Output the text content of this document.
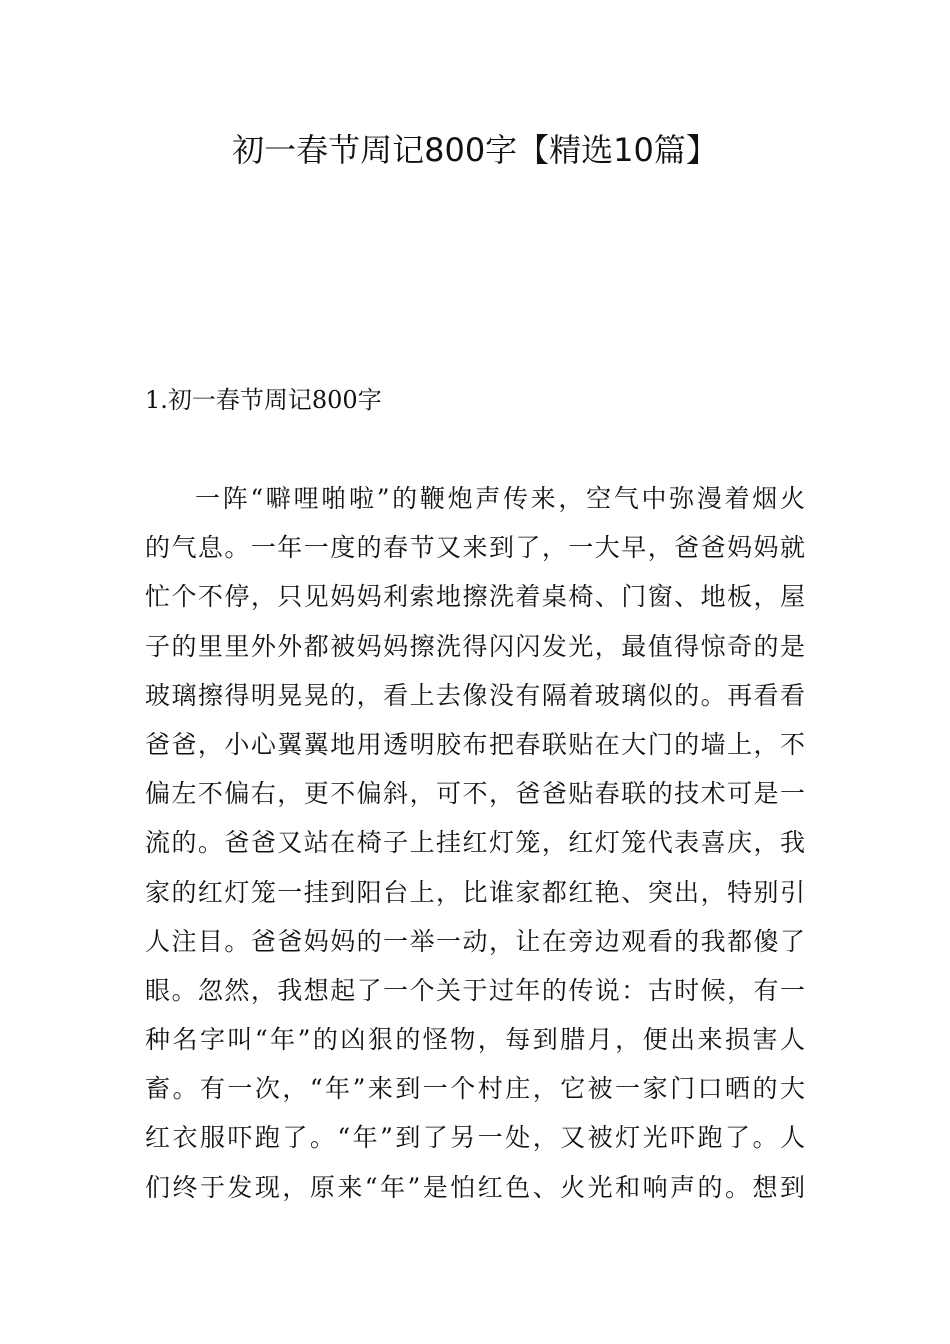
初一春节周记800字【精选10篇】
1.初一春节周记800字
一阵“噼哩啪啦”的鞭炮声传来，空气中弥漫着烟火
的气息。一年一度的春节又来到了，一大早，爸爸妈妈就
忙个不停，只见妈妈利索地擦洗着桌椅、门窗、地板，屋
子的里里外外都被妈妈擦洗得闪闪发光，最值得惊奇的是
玻璃擦得明晃晃的，看上去像没有隔着玻璃似的。再看看
爸爸，小心翼翼地用透明胶布把春联贴在大门的墙上，不
偏左不偏右，更不偏斜，可不，爸爸贴春联的技术可是一
流的。爸爸又站在椅子上挂红灯笼，红灯笼代表喜庆，我
家的红灯笼一挂到阳台上，比谁家都红艳、突出，特别引
人注目。爸爸妈妈的一举一动，让在旁边观看的我都傻了
眼。忽然，我想起了一个关于过年的传说：古时候，有一
种名字叫“年”的凶狠的怪物，每到腊月，便出来损害人
畜。有一次，“年”来到一个村庄，它被一家门口晒的大
红衣服吓跑了。“年”到了另一处，又被灯光吓跑了。人
们终于发现，原来“年”是怕红色、火光和响声的。想到
